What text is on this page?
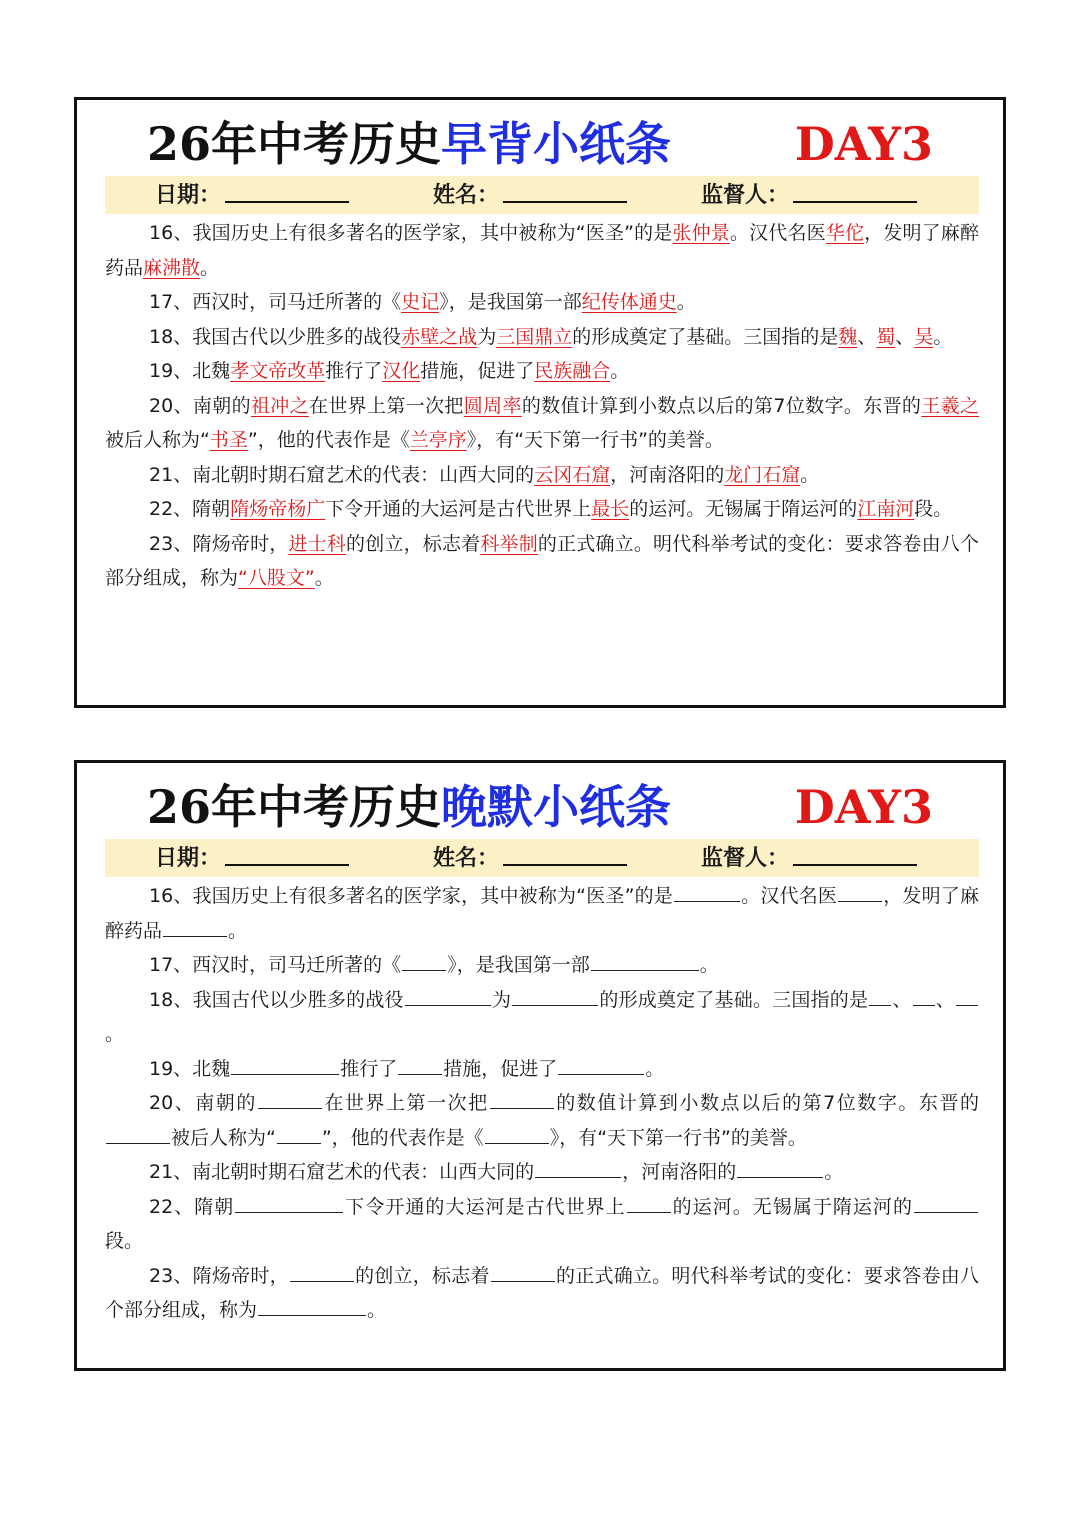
26年中考历史早背小纸条	DAY3
日期：	姓名：	监督人：
16、我国历史上有很多著名的医学家，其中被称为“医圣”的是张仲景。汉代名医华佗，发明了麻醉药品麻沸散。
17、西汉时，司马迁所著的《史记》，是我国第一部纪传体通史。
18、我国古代以少胜多的战役赤壁之战为三国鼎立的形成奠定了基础。三国指的是魏、蜀、吴。
19、北魏孝文帝改革推行了汉化措施，促进了民族融合。
20、南朝的祖冲之在世界上第一次把圆周率的数值计算到小数点以后的第7位数字。东晋的王羲之被后人称为“书圣”，他的代表作是《兰亭序》，有“天下第一行书”的美誉。
21、南北朝时期石窟艺术的代表：山西大同的云冈石窟，河南洛阳的龙门石窟。
22、隋朝隋炀帝杨广下令开通的大运河是古代世界上最长的运河。无锡属于隋运河的江南河段。
23、隋炀帝时，进士科的创立，标志着科举制的正式确立。明代科举考试的变化：要求答卷由八个部分组成，称为“八股文”。
26年中考历史晚默小纸条	DAY3
日期：	姓名：	监督人：
16、我国历史上有很多著名的医学家，其中被称为“医圣”的是	。汉代名医 ，发明了麻醉药品	。
17、西汉时，司马迁所著的《 》，是我国第一部	。
18、我国古代以少胜多的战役	为	的形成奠定了基础。三国指的是 、 、。
19、北魏	推行了 措施，促进了	。
20、南朝的	在世界上第一次把	的数值计算到小数点以后的第7位数字。东晋的被后人称为“ ”，他的代表作是《	》，有“天下第一行书”的美誉。
21、南北朝时期石窟艺术的代表：山西大同的	，河南洛阳的	。
22、隋朝	下令开通的大运河是古代世界上 的运河。无锡属于隋运河的段。
23、隋炀帝时，	的创立，标志着	的正式确立。明代科举考试的变化：要求答卷由八个部分组成，称为	。
